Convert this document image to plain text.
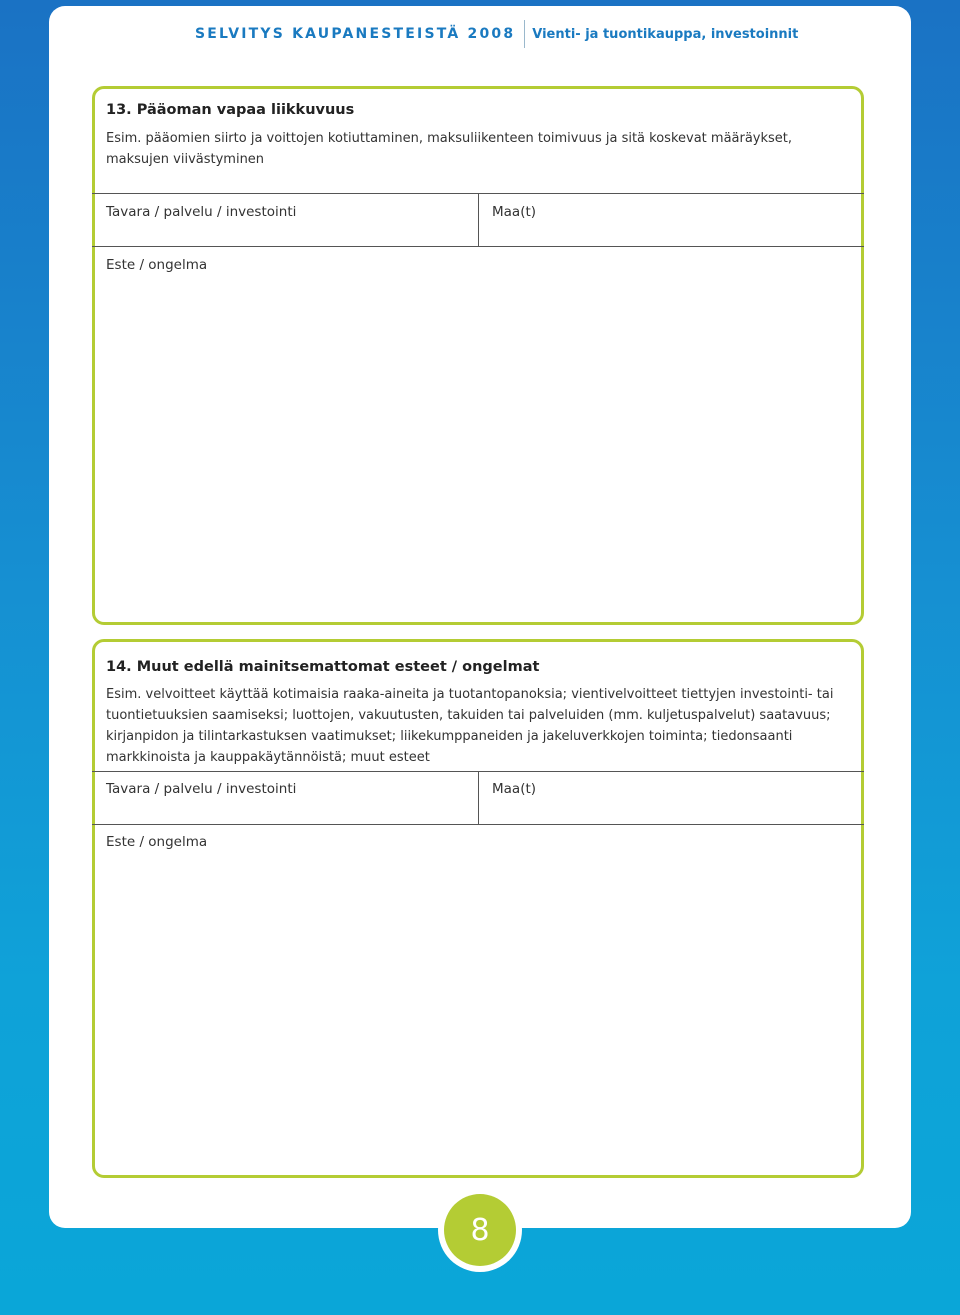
SELVITYS KAUPANESTEISTÄ 2008 Vienti- ja tuontikauppa, investoinnit
13. Pääoman vapaa liikkuvuus
Esim. pääomien siirto ja voittojen kotiuttaminen, maksuliikenteen toimivuus ja sitä koskevat määräykset, maksujen viivästyminen
Tavara / palvelu / investointi	Maa(t)
Este / ongelma
14. Muut edellä mainitsemattomat esteet / ongelmat
Esim. velvoitteet käyttää kotimaisia raaka-aineita ja tuotantopanoksia; vientivelvoitteet tiettyjen investointi- tai tuontietuuksien saamiseksi; luottojen, vakuutusten, takuiden tai palveluiden (mm. kuljetuspalvelut) saatavuus; kirjanpidon ja tilintarkastuksen vaatimukset; liikekumppaneiden ja jakeluverkkojen toiminta; tiedonsaanti markkinoista ja kauppakäytännöistä; muut esteet
Tavara / palvelu / investointi	Maa(t)
Este / ongelma
8
